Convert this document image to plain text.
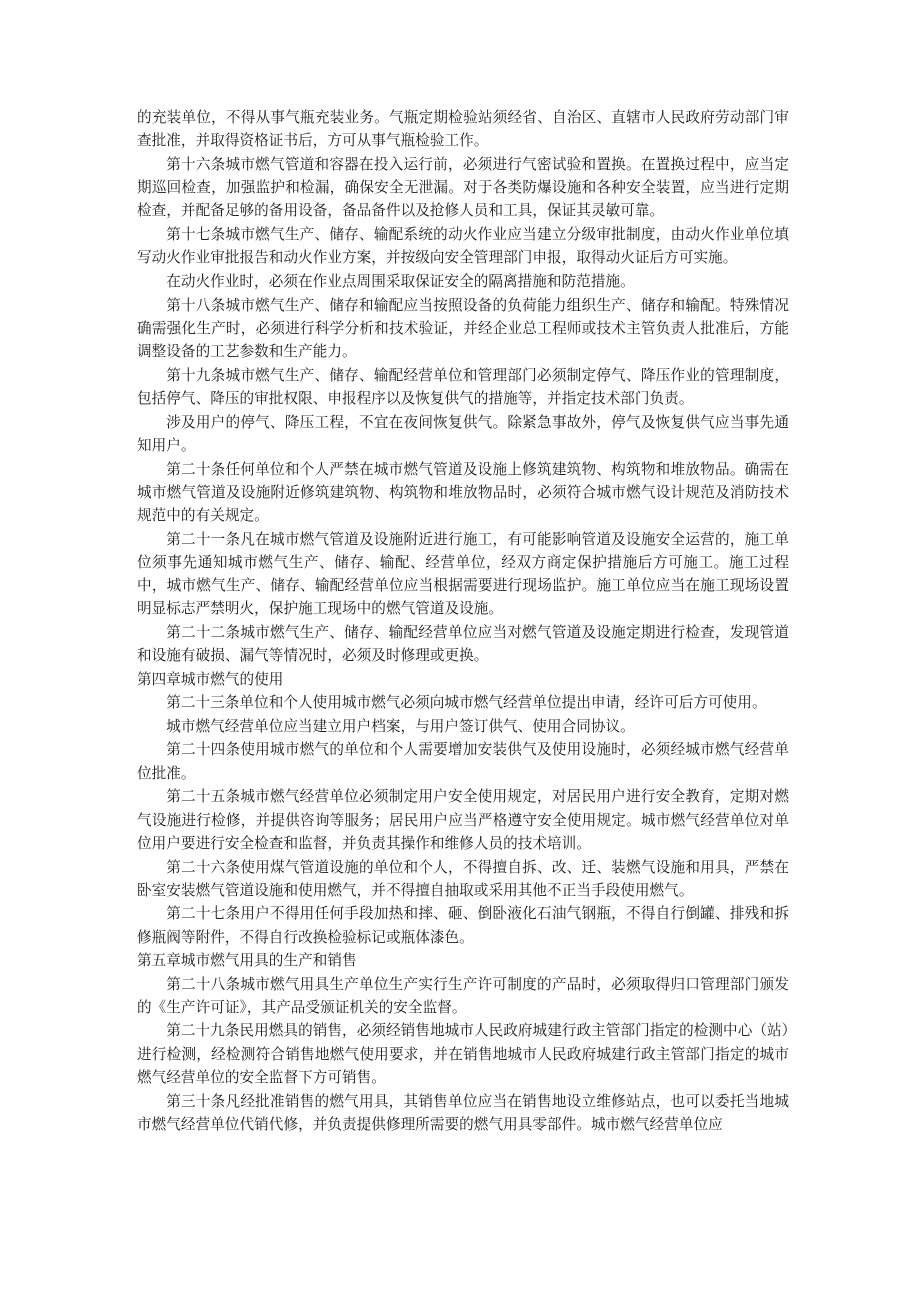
的充装单位，不得从事气瓶充装业务。气瓶定期检验站须经省、自治区、直辖市人民政府劳动部门审查批准，并取得资格证书后，方可从事气瓶检验工作。

第十六条城市燃气管道和容器在投入运行前，必须进行气密试验和置换。在置换过程中，应当定期巡回检查，加强监护和检漏，确保安全无泄漏。对于各类防爆设施和各种安全装置，应当进行定期检查，并配备足够的备用设备，备品备件以及抢修人员和工具，保证其灵敏可靠。

第十七条城市燃气生产、储存、输配系统的动火作业应当建立分级审批制度，由动火作业单位填写动火作业审批报告和动火作业方案，并按级向安全管理部门申报，取得动火证后方可实施。

在动火作业时，必须在作业点周围采取保证安全的隔离措施和防范措施。

第十八条城市燃气生产、储存和输配应当按照设备的负荷能力组织生产、储存和输配。特殊情况确需强化生产时，必须进行科学分析和技术验证，并经企业总工程师或技术主管负责人批准后，方能调整设备的工艺参数和生产能力。

第十九条城市燃气生产、储存、输配经营单位和管理部门必须制定停气、降压作业的管理制度，包括停气、降压的审批权限、申报程序以及恢复供气的措施等，并指定技术部门负责。

涉及用户的停气、降压工程，不宜在夜间恢复供气。除紧急事故外，停气及恢复供气应当事先通知用户。

第二十条任何单位和个人严禁在城市燃气管道及设施上修筑建筑物、构筑物和堆放物品。确需在城市燃气管道及设施附近修筑建筑物、构筑物和堆放物品时，必须符合城市燃气设计规范及消防技术规范中的有关规定。

第二十一条凡在城市燃气管道及设施附近进行施工，有可能影响管道及设施安全运营的，施工单位须事先通知城市燃气生产、储存、输配、经营单位，经双方商定保护措施后方可施工。施工过程中，城市燃气生产、储存、输配经营单位应当根据需要进行现场监护。施工单位应当在施工现场设置明显标志严禁明火，保护施工现场中的燃气管道及设施。

第二十二条城市燃气生产、储存、输配经营单位应当对燃气管道及设施定期进行检查，发现管道和设施有破损、漏气等情况时，必须及时修理或更换。

第四章城市燃气的使用

第二十三条单位和个人使用城市燃气必须向城市燃气经营单位提出申请，经许可后方可使用。

城市燃气经营单位应当建立用户档案，与用户签订供气、使用合同协议。

第二十四条使用城市燃气的单位和个人需要增加安装供气及使用设施时，必须经城市燃气经营单位批准。

第二十五条城市燃气经营单位必须制定用户安全使用规定，对居民用户进行安全教育，定期对燃气设施进行检修，并提供咨询等服务；居民用户应当严格遵守安全使用规定。城市燃气经营单位对单位用户要进行安全检查和监督，并负责其操作和维修人员的技术培训。

第二十六条使用煤气管道设施的单位和个人，不得擅自拆、改、迁、装燃气设施和用具，严禁在卧室安装燃气管道设施和使用燃气，并不得擅自抽取或采用其他不正当手段使用燃气。

第二十七条用户不得用任何手段加热和摔、砸、倒卧液化石油气钢瓶，不得自行倒罐、排残和拆修瓶阀等附件，不得自行改换检验标记或瓶体漆色。

第五章城市燃气用具的生产和销售

第二十八条城市燃气用具生产单位生产实行生产许可制度的产品时，必须取得归口管理部门颁发的《生产许可证》，其产品受颁证机关的安全监督。

第二十九条民用燃具的销售，必须经销售地城市人民政府城建行政主管部门指定的检测中心（站）进行检测，经检测符合销售地燃气使用要求，并在销售地城市人民政府城建行政主管部门指定的城市燃气经营单位的安全监督下方可销售。

第三十条凡经批准销售的燃气用具，其销售单位应当在销售地设立维修站点，也可以委托当地城市燃气经营单位代销代修，并负责提供修理所需要的燃气用具零部件。城市燃气经营单位应
